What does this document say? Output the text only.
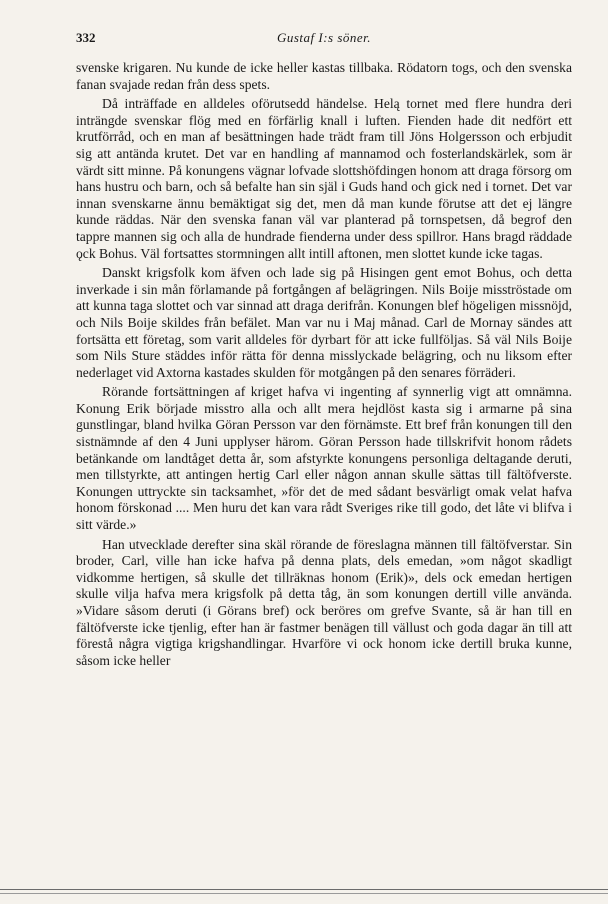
332	Gustaf I:s söner.

svenske krigaren. Nu kunde de icke heller kastas tillbaka. Rödatorn togs, och den svenska fanan svajade redan från dess spets.

Då inträffade en alldeles oförutsedd händelse. Helą tornet med flere hundra deri inträngde svenskar flög med en förfärlig knall i luften. Fienden hade dit nedfört ett krutförråd, och en man af besättningen hade trädt fram till Jöns Holgersson och erbjudit sig att antända krutet. Det var en handling af mannamod och fosterlandskärlek, som är värdt sitt minne. På konungens vägnar lofvade slottshöfdingen honom att draga försorg om hans hustru och barn, och så befalte han sin själ i Guds hand och gick ned i tornet. Det var innan svenskarne ännu bemäktigat sig det, men då man kunde förutse att det ej längre kunde räddas. När den svenska fanan väl var planterad på tornspetsen, då begrof den tappre mannen sig och alla de hundrade fienderna under dess spillror. Hans bragd räddade ǫck Bohus. Väl fortsattes stormningen allt intill aftonen, men slottet kunde icke tagas.

Danskt krigsfolk kom äfven och lade sig på Hisingen gent emot Bohus, och detta inverkade i sin mån förlamande på fortgången af belägringen. Nils Boije misströstade om att kunna taga slottet och var sinnad att draga derifrån. Konungen blef högeligen missnöjd, och Nils Boije skildes från befälet. Man var nu i Maj månad. Carl de Mornay sändes att fortsätta ett företag, som varit alldeles för dyrbart för att icke fullföljas. Så väl Nils Boije som Nils Sture städdes inför rätta för denna misslyckade belägring, och nu liksom efter nederlaget vid Axtorna kastades skulden för motgången på den senares förräderi.

Rörande fortsättningen af kriget hafva vi ingenting af synnerlig vigt att omnämna. Konung Erik började misstro alla och allt mera hejdlöst kasta sig i armarne på sina gunstlingar, bland hvilka Göran Persson var den förnämste. Ett bref från konungen till den sistnämnde af den 4 Juni upplyser härom. Göran Persson hade tillskrifvit honom rådets betänkande om landtåget detta år, som afstyrkte konungens personliga deltagande deruti, men tillstyrkte, att antingen hertig Carl eller någon annan skulle sättas till fältöfverste. Konungen uttryckte sin tacksamhet, »för det de med sådant besvärligt omak velat hafva honom förskonad .... Men huru det kan vara rådt Sveriges rike till godo, det låte vi blifva i sitt värde.»

Han utvecklade derefter sina skäl rörande de föreslagna männen till fältöfverstar. Sin broder, Carl, ville han icke hafva på denna plats, dels emedan, »om något skadligt vidkomme hertigen, så skulle det tillräknas honom (Erik)», dels ock emedan hertigen skulle vilja hafva mera krigsfolk på detta tåg, än som konungen dertill ville använda. »Vidare såsom deruti (i Görans bref) ock beröres om grefve Svante, så är han till en fältöfverste icke tjenlig, efter han är fastmer benägen till vällust och goda dagar än till att förestå några vigtiga krigshandlingar. Hvarföre vi ock honom icke dertill bruka kunne, såsom icke heller
